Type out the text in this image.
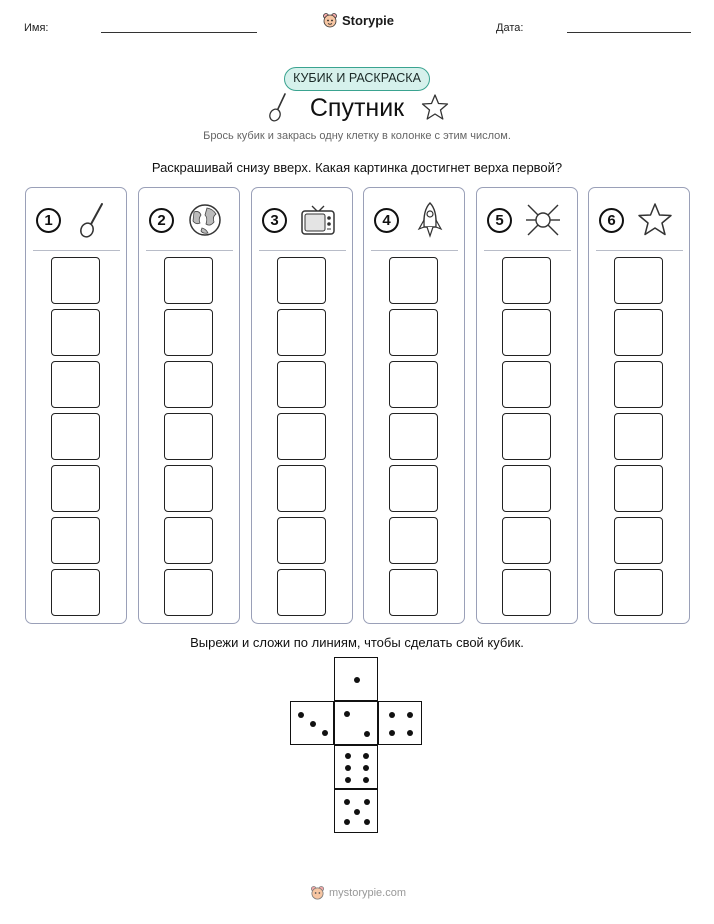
Имя:	Storypie	Дата:
КУБИК И РАСКРАСКА
Спутник
Брось кубик и закрась одну клетку в колонке с этим числом.
Раскрашивай снизу вверх. Какая картинка достигнет верха первой?
1	2	3	4	5	6
Вырежи и сложи по линиям, чтобы сделать свой кубик.
mystorypie.com
